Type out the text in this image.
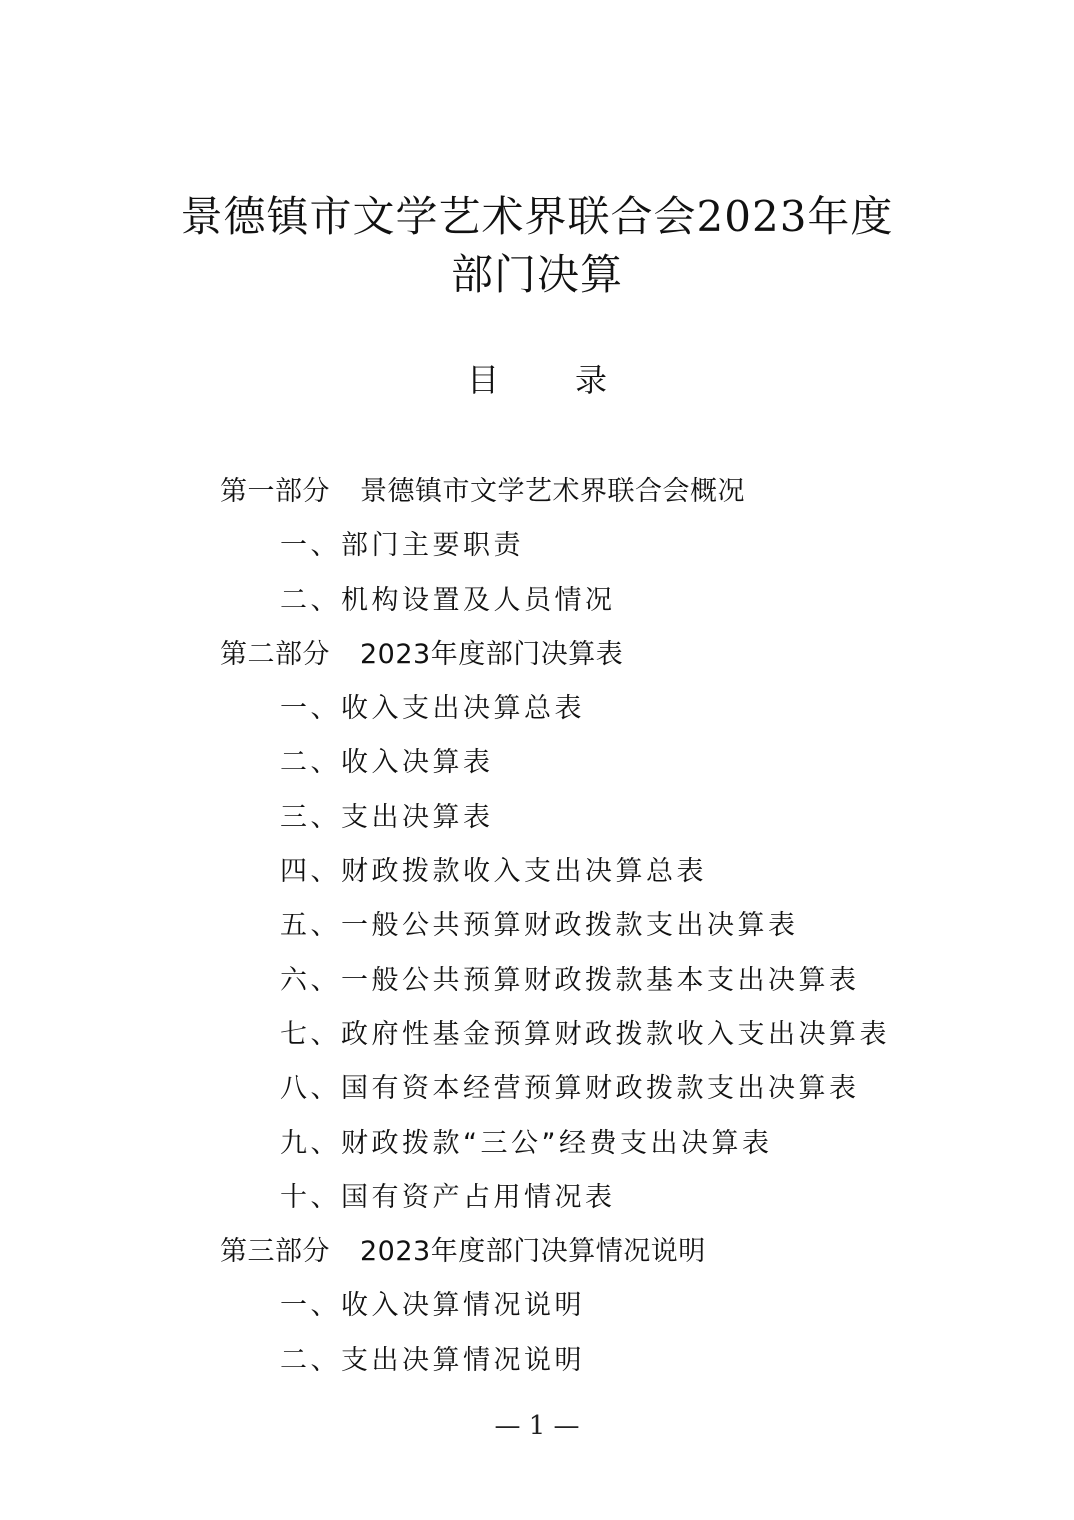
景德镇市文学艺术界联合会2023年度
部门决算
目 录
第一部分 景德镇市文学艺术界联合会概况
一、部门主要职责
二、机构设置及人员情况
第二部分 2023年度部门决算表
一、收入支出决算总表
二、收入决算表
三、支出决算表
四、财政拨款收入支出决算总表
五、一般公共预算财政拨款支出决算表
六、一般公共预算财政拨款基本支出决算表
七、政府性基金预算财政拨款收入支出决算表
八、国有资本经营预算财政拨款支出决算表
九、财政拨款“三公”经费支出决算表
十、国有资产占用情况表
第三部分 2023年度部门决算情况说明
一、收入决算情况说明
二、支出决算情况说明
— 1 —
